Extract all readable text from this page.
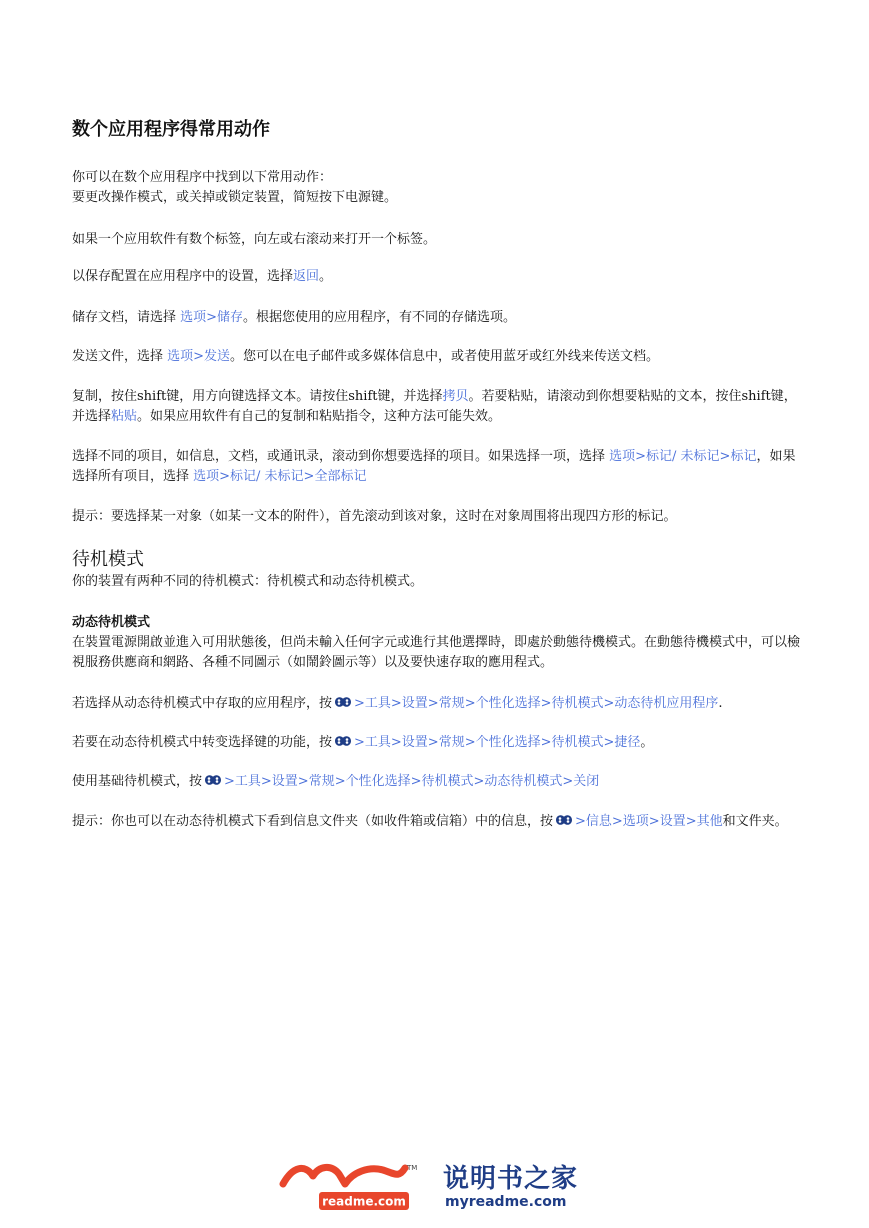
数个应用程序得常用动作

你可以在数个应用程序中找到以下常用动作：
要更改操作模式，或关掉或锁定装置，简短按下电源键。

如果一个应用软件有数个标签，向左或右滚动来打开一个标签。

以保存配置在应用程序中的设置，选择返回。

储存文档，请选择 选项>储存。根据您使用的应用程序，有不同的存储选项。

发送文件，选择 选项>发送。您可以在电子邮件或多媒体信息中，或者使用蓝牙或红外线来传送文档。

复制，按住shift键，用方向键选择文本。请按住shift键，并选择拷贝。若要粘贴，请滚动到你想要粘贴的文本，按住shift键，并选择粘贴。如果应用软件有自己的复制和粘贴指令，这种方法可能失效。

选择不同的项目，如信息，文档，或通讯录，滚动到你想要选择的项目。如果选择一项，选择 选项>标记/ 未标记>标记，如果选择所有项目，选择 选项>标记/ 未标记>全部标记

提示：要选择某一对象（如某一文本的附件），首先滚动到该对象，这时在对象周围将出现四方形的标记。

待机模式

你的装置有两种不同的待机模式：待机模式和动态待机模式。

动态待机模式

在裝置電源開啟並進入可用狀態後，但尚未輸入任何字元或進行其他選擇時，即處於動態待機模式。在動態待機模式中，可以檢視服務供應商和網路、各種不同圖示（如鬧鈴圖示等）以及要快速存取的應用程式。

若选择从动态待机模式中存取的应用程序，按 >工具>设置>常规>个性化选择>待机模式>动态待机应用程序.

若要在动态待机模式中转变选择键的功能，按 >工具>设置>常规>个性化选择>待机模式>捷径。

使用基础待机模式，按 >工具>设置>常规>个性化选择>待机模式>动态待机模式>关闭

提示：你也可以在动态待机模式下看到信息文件夹（如收件箱或信箱）中的信息，按 >信息>选项>设置>其他和文件夹。

TM
readme.com
说明书之家
myreadme.com
